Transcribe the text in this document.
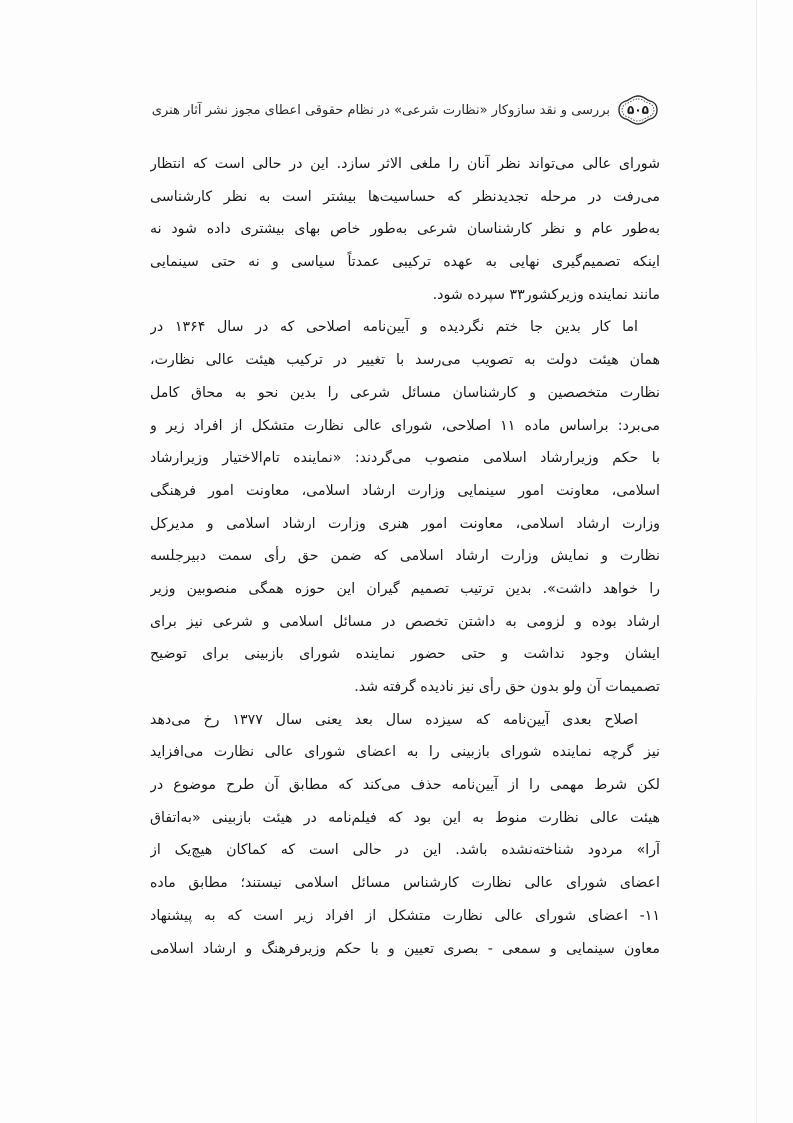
بررسی و نقد سازوکار «نظارت شرعی» در نظام حقوقی اعطای مجوز نشر آثار هنری	۵۰۵
شورای عالی می‌تواند نظر آنان را ملغی الاثر سازد. این در حالی است که انتظار
می‌رفت در مرحله تجدیدنظر که حساسیت‌ها بیشتر است به نظر کارشناسی
به‌طور عام و نظر کارشناسان شرعی به‌طور خاص بهای بیشتری داده شود نه
اینکه تصمیم‌گیری نهایی به عهده ترکیبی عمدتاً سیاسی و نه حتی سینمایی
مانند نماینده وزیرکشور۳۳ سپرده شود.
اما کار بدین جا ختم نگردیده و آیین‌نامه اصلاحی که در سال ۱۳۶۴ در
همان هیئت دولت به تصویب می‌رسد با تغییر در ترکیب هیئت عالی نظارت،
نظارت متخصصین و کارشناسان مسائل شرعی را بدین نحو به محاق کامل
می‌برد: براساس ماده ۱۱ اصلاحی، شورای عالی نظارت متشکل از افراد زیر و
با حکم وزیرارشاد اسلامی منصوب می‌گردند: «نماینده تام‌الاختیار وزیرارشاد
اسلامی، معاونت امور سینمایی وزارت ارشاد اسلامی، معاونت امور فرهنگی
وزارت ارشاد اسلامی، معاونت امور هنری وزارت ارشاد اسلامی و مدیرکل
نظارت و نمایش وزارت ارشاد اسلامی که ضمن حق رأی سمت دبیرجلسه
را خواهد داشت». بدین ترتیب تصمیم گیران این حوزه همگی منصوبین وزیر
ارشاد بوده و لزومی به داشتن تخصص در مسائل اسلامی و شرعی نیز برای
ایشان وجود نداشت و حتی حضور نماینده شورای بازبینی برای توضیح
تصمیمات آن ولو بدون حق رأی نیز نادیده گرفته شد.
اصلاح بعدی آیین‌نامه که سیزده سال بعد یعنی سال ۱۳۷۷ رخ می‌دهد
نیز گرچه نماینده شورای بازبینی را به اعضای شورای عالی نظارت می‌افزاید
لکن شرط مهمی را از آیین‌نامه حذف می‌کند که مطابق آن طرح موضوع در
هیئت عالی نظارت منوط به این بود که فیلم‌نامه در هیئت بازبینی «به‌اتفاق
آرا» مردود شناخته‌نشده باشد. این در حالی است که کماکان هیچ‌یک از
اعضای شورای عالی نظارت کارشناس مسائل اسلامی نیستند؛ مطابق ماده
۱۱- اعضای شورای عالی نظارت متشکل از افراد زیر است که به پیشنهاد
معاون سینمایی و سمعی - بصری تعیین و با حکم وزیرفرهنگ و ارشاد اسلامی
